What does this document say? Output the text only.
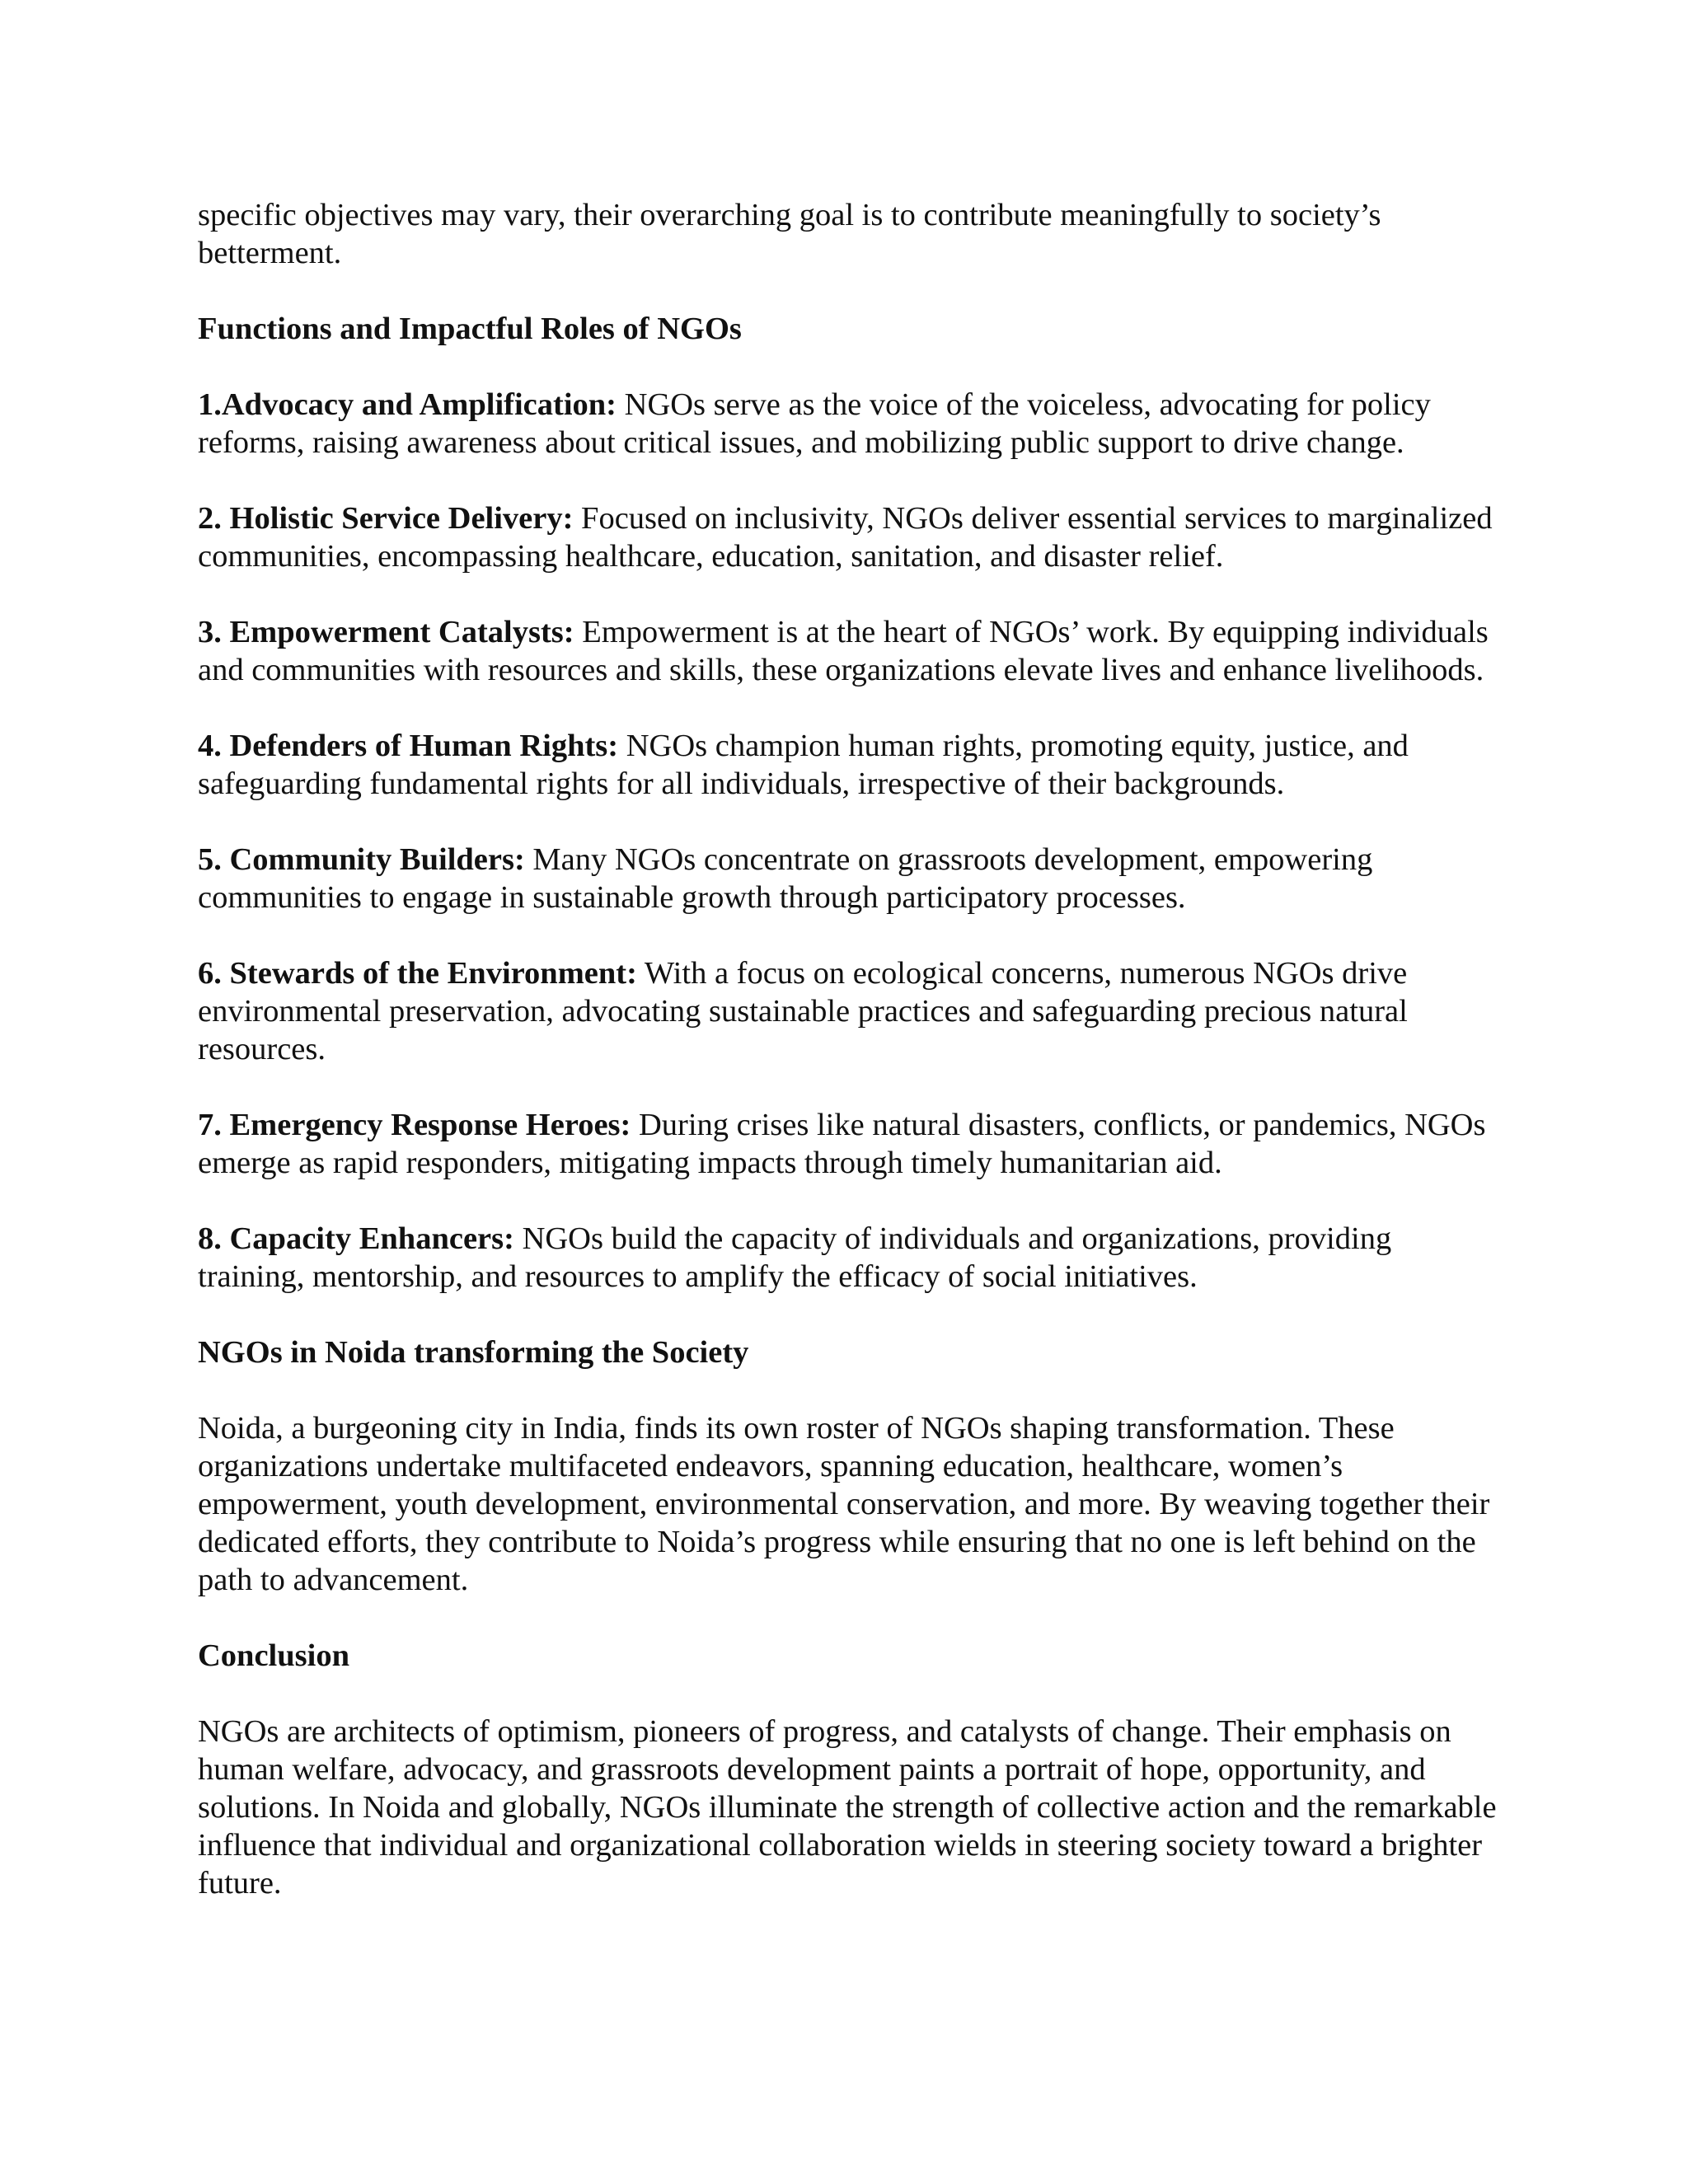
specific objectives may vary, their overarching goal is to contribute meaningfully to society’s betterment.

Functions and Impactful Roles of NGOs

1.Advocacy and Amplification: NGOs serve as the voice of the voiceless, advocating for policy reforms, raising awareness about critical issues, and mobilizing public support to drive change.

2. Holistic Service Delivery: Focused on inclusivity, NGOs deliver essential services to marginalized communities, encompassing healthcare, education, sanitation, and disaster relief.

3. Empowerment Catalysts: Empowerment is at the heart of NGOs’ work. By equipping individuals and communities with resources and skills, these organizations elevate lives and enhance livelihoods.

4. Defenders of Human Rights: NGOs champion human rights, promoting equity, justice, and safeguarding fundamental rights for all individuals, irrespective of their backgrounds.

5. Community Builders: Many NGOs concentrate on grassroots development, empowering communities to engage in sustainable growth through participatory processes.

6. Stewards of the Environment: With a focus on ecological concerns, numerous NGOs drive environmental preservation, advocating sustainable practices and safeguarding precious natural resources.

7. Emergency Response Heroes: During crises like natural disasters, conflicts, or pandemics, NGOs emerge as rapid responders, mitigating impacts through timely humanitarian aid.

8. Capacity Enhancers: NGOs build the capacity of individuals and organizations, providing training, mentorship, and resources to amplify the efficacy of social initiatives.

NGOs in Noida transforming the Society

Noida, a burgeoning city in India, finds its own roster of NGOs shaping transformation. These organizations undertake multifaceted endeavors, spanning education, healthcare, women’s empowerment, youth development, environmental conservation, and more. By weaving together their dedicated efforts, they contribute to Noida’s progress while ensuring that no one is left behind on the path to advancement.

Conclusion

NGOs are architects of optimism, pioneers of progress, and catalysts of change. Their emphasis on human welfare, advocacy, and grassroots development paints a portrait of hope, opportunity, and solutions. In Noida and globally, NGOs illuminate the strength of collective action and the remarkable influence that individual and organizational collaboration wields in steering society toward a brighter future.
